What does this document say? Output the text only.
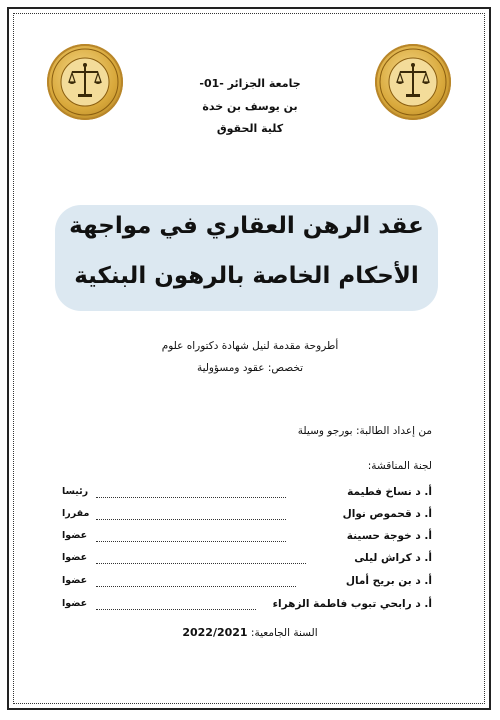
جامعة الجزائر -01-
بن يوسف بن خدة
كلية الحقوق
عقد الرهن العقاري في مواجهة
الأحكام الخاصة بالرهون البنكية
أطروحة مقدمة لنيل شهادة دكتوراه علوم
تخصص: عقود ومسؤولية
من إعداد الطالبة: بورجو وسيلة
لجنة المناقشة:
أ. د نساخ فطيمة
رئيسا
أ. د قحموص نوال
مقررا
أ. د خوجة حسينة
عضوا
أ. د كراش ليلى
عضوا
أ. د بن بريح أمال
عضوا
أ. د رابحي تبوب فاطمة الزهراء
عضوا
السنة الجامعية: 2022/2021
